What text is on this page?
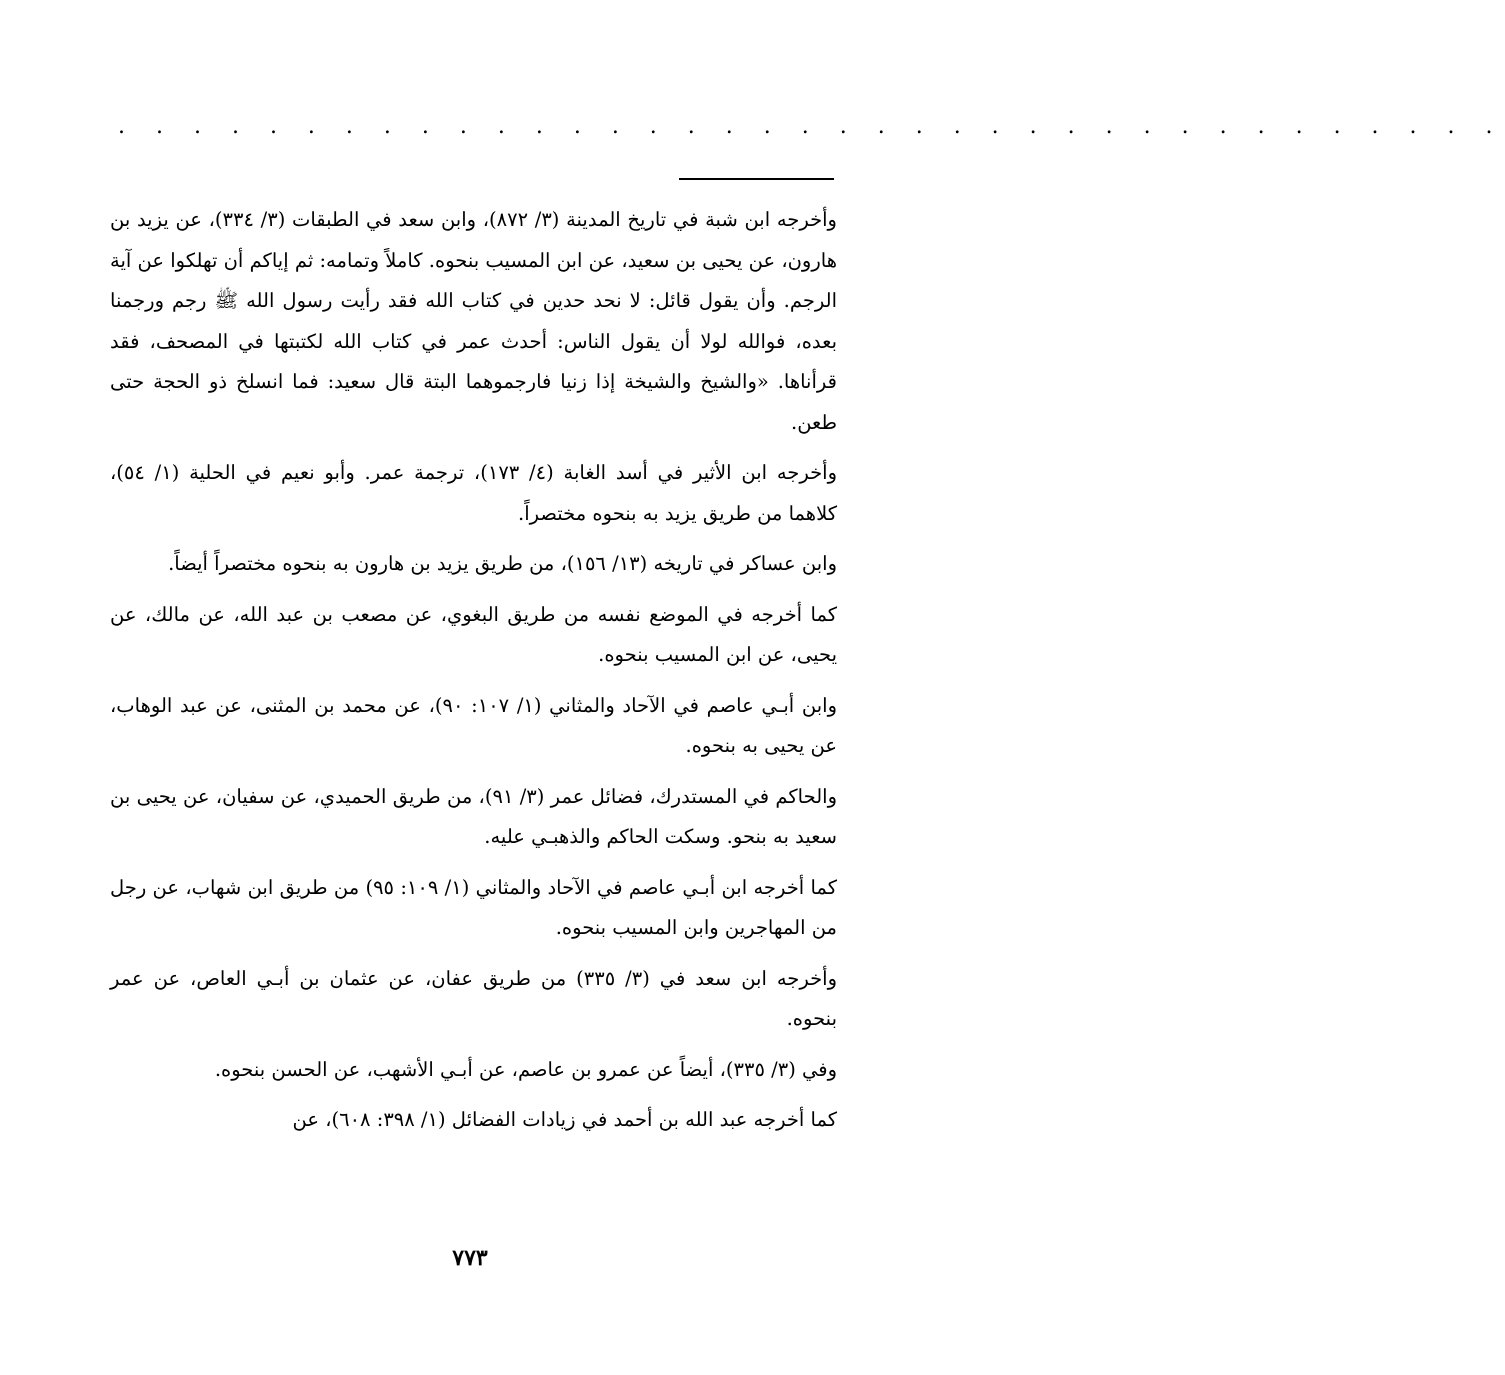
. . . . . . . . . . . . . . . . . . . . . . . . . . . . . . . . . . . . .

وأخرجه ابن شبة في تاريخ المدينة (٣/ ٨٧٢)، وابن سعد في الطبقات (٣/ ٣٣٤)، عن يزيد بن هارون، عن يحيى بن سعيد، عن ابن المسيب بنحوه. كاملاً وتمامه: ثم إياكم أن تهلكوا عن آية الرجم. وأن يقول قائل: لا نحد حدين في كتاب الله فقد رأيت رسول الله ﷺ رجم ورجمنا بعده، فوالله لولا أن يقول الناس: أحدث عمر في كتاب الله لكتبتها في المصحف، فقد قرأناها. «والشيخ والشيخة إذا زنيا فارجموهما البتة قال سعيد: فما انسلخ ذو الحجة حتى طعن.

وأخرجه ابن الأثير في أسد الغابة (٤/ ١٧٣)، ترجمة عمر. وأبو نعيم في الحلية (١/ ٥٤)، كلاهما من طريق يزيد به بنحوه مختصراً.

وابن عساكر في تاريخه (١٣/ ١٥٦)، من طريق يزيد بن هارون به بنحوه مختصراً أيضاً.

كما أخرجه في الموضع نفسه من طريق البغوي، عن مصعب بن عبد الله، عن مالك، عن يحيى، عن ابن المسيب بنحوه.

وابن أبـي عاصم في الآحاد والمثاني (١/ ١٠٧: ٩٠)، عن محمد بن المثنى، عن عبد الوهاب، عن يحيى به بنحوه.

والحاكم في المستدرك، فضائل عمر (٣/ ٩١)، من طريق الحميدي، عن سفيان، عن يحيى بن سعيد به بنحو. وسكت الحاكم والذهبـي عليه.

كما أخرجه ابن أبـي عاصم في الآحاد والمثاني (١/ ١٠٩: ٩٥) من طريق ابن شهاب، عن رجل من المهاجرين وابن المسيب بنحوه.

وأخرجه ابن سعد في (٣/ ٣٣٥) من طريق عفان، عن عثمان بن أبـي العاص، عن عمر بنحوه.

وفي (٣/ ٣٣٥)، أيضاً عن عمرو بن عاصم، عن أبـي الأشهب، عن الحسن بنحوه.

كما أخرجه عبد الله بن أحمد في زيادات الفضائل (١/ ٣٩٨: ٦٠٨)، عن

٧٧٣
